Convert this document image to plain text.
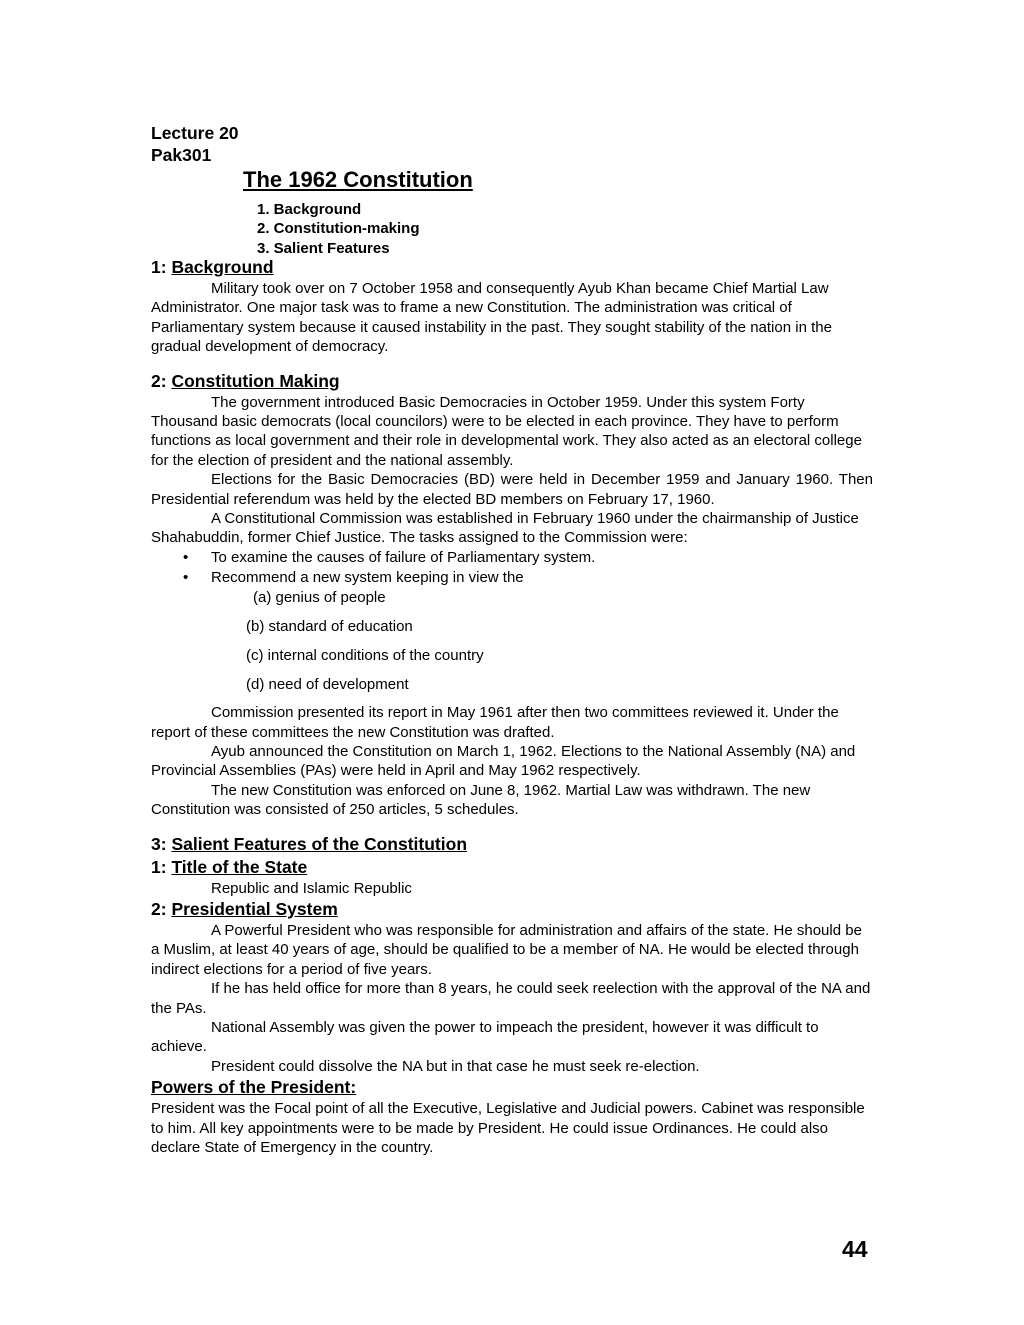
Lecture 20
Pak301
The 1962 Constitution
1. Background
2. Constitution-making
3. Salient Features
1: Background

Military took over on 7 October 1958 and consequently Ayub Khan became Chief Martial Law Administrator. One major task was to frame a new Constitution. The administration was critical of Parliamentary system because it caused instability in the past. They sought stability of the nation in the gradual development of democracy.

2: Constitution Making

The government introduced Basic Democracies in October 1959. Under this system Forty Thousand basic democrats (local councilors) were to be elected in each province. They have to perform functions as local government and their role in developmental work. They also acted as an electoral college for the election of president and the national assembly.

Elections for the Basic Democracies (BD) were held in December 1959 and January 1960. Then Presidential referendum was held by the elected BD members on February 17, 1960.

A Constitutional Commission was established in February 1960 under the chairmanship of Justice Shahabuddin, former Chief Justice. The tasks assigned to the Commission were:

• To examine the causes of failure of Parliamentary system.
• Recommend a new system keeping in view the
(a) genius of people
(b) standard of education
(c) internal conditions of the country
(d) need of development

Commission presented its report in May 1961 after then two committees reviewed it. Under the report of these committees the new Constitution was drafted.

Ayub announced the Constitution on March 1, 1962. Elections to the National Assembly (NA) and Provincial Assemblies (PAs) were held in April and May 1962 respectively.

The new Constitution was enforced on June 8, 1962. Martial Law was withdrawn. The new Constitution was consisted of 250 articles, 5 schedules.

3: Salient Features of the Constitution
1: Title of the State

Republic and Islamic Republic

2: Presidential System

A Powerful President who was responsible for administration and affairs of the state. He should be a Muslim, at least 40 years of age, should be qualified to be a member of NA. He would be elected through indirect elections for a period of five years.

If he has held office for more than 8 years, he could seek reelection with the approval of the NA and the PAs.

National Assembly was given the power to impeach the president, however it was difficult to achieve.

President could dissolve the NA but in that case he must seek re-election.

Powers of the President:

President was the Focal point of all the Executive, Legislative and Judicial powers. Cabinet was responsible to him. All key appointments were to be made by President. He could issue Ordinances. He could also declare State of Emergency in the country.

44
